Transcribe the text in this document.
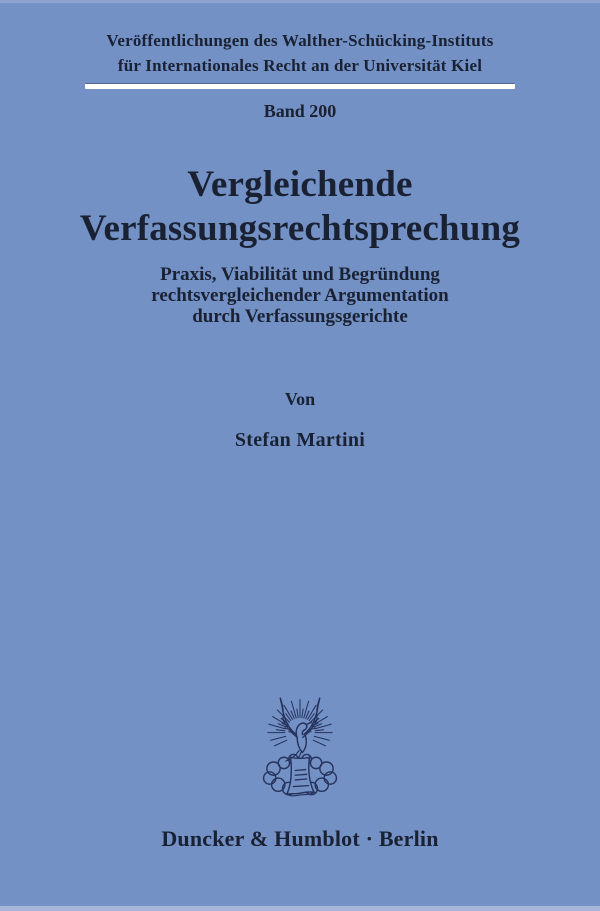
Veröffentlichungen des Walther-Schücking-Instituts
für Internationales Recht an der Universität Kiel
Band 200
Vergleichende
Verfassungsrechtsprechung
Praxis, Viabilität und Begründung
rechtsvergleichender Argumentation
durch Verfassungsgerichte
Von
Stefan Martini
Duncker & Humblot · Berlin
